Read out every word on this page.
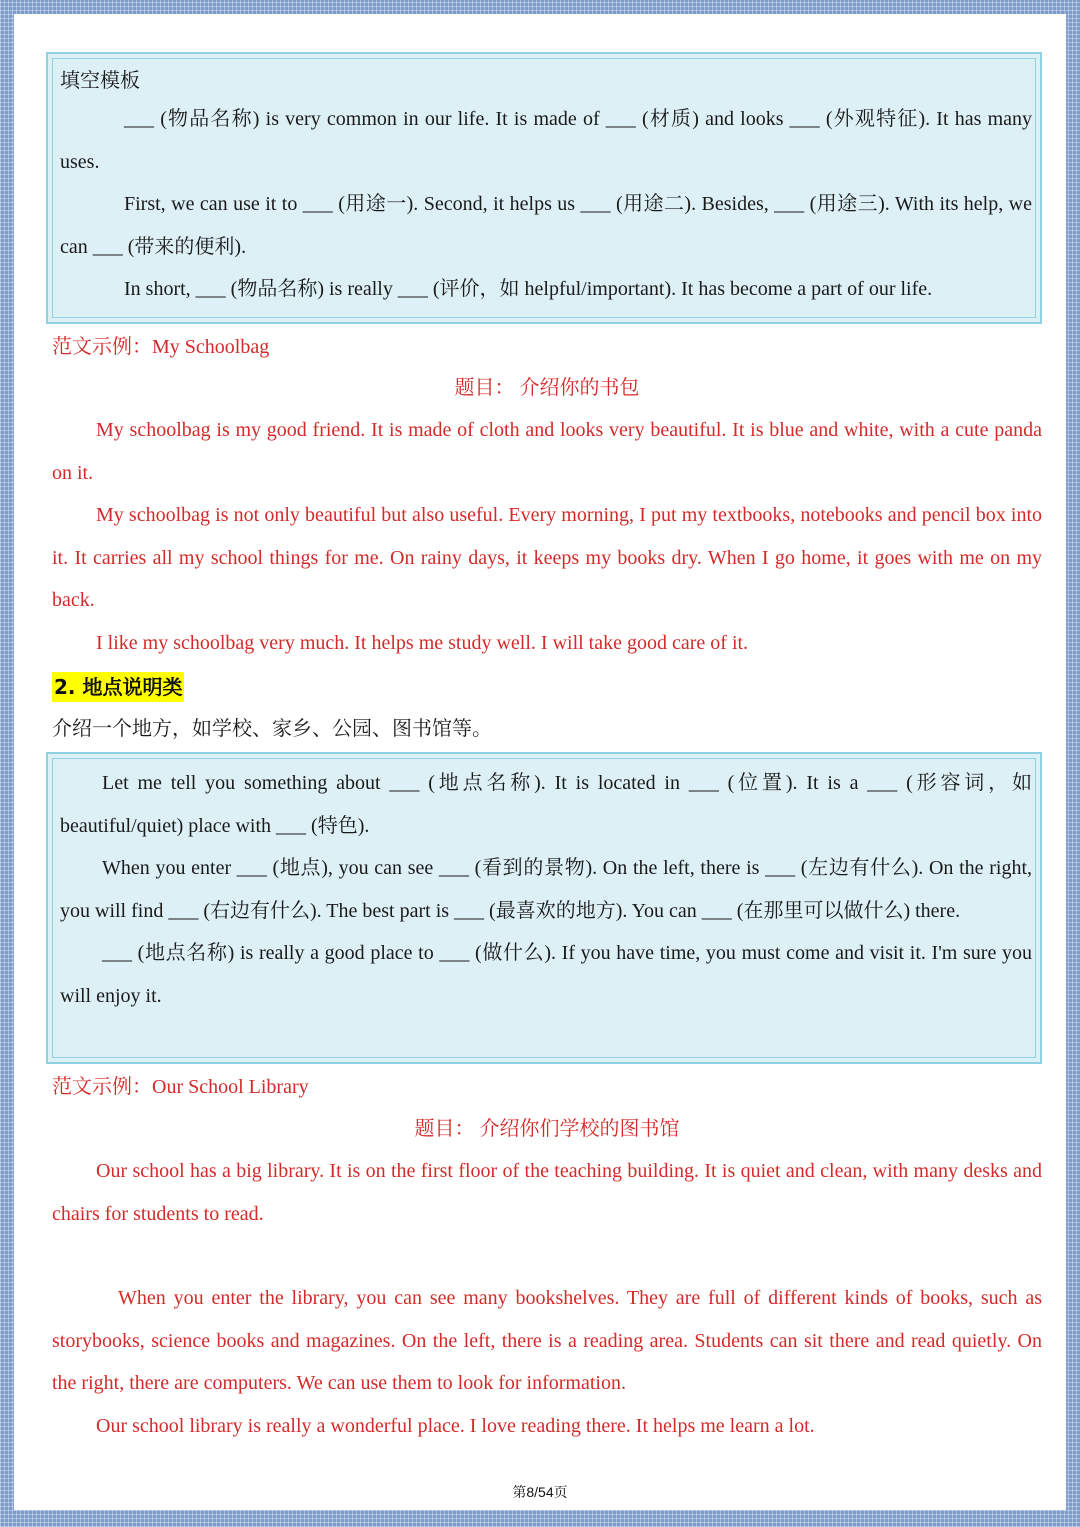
填空模板

___ (物品名称) is very common in our life. It is made of ___ (材质) and looks ___ (外观特征). It has many uses.

First, we can use it to ___ (用途一). Second, it helps us ___ (用途二). Besides, ___ (用途三). With its help, we can ___ (带来的便利).

In short, ___ (物品名称) is really ___ (评价，如 helpful/important). It has become a part of our life.

范文示例：My Schoolbag

题目： 介绍你的书包

My schoolbag is my good friend. It is made of cloth and looks very beautiful. It is blue and white, with a cute panda on it.

My schoolbag is not only beautiful but also useful. Every morning, I put my textbooks, notebooks and pencil box into it. It carries all my school things for me. On rainy days, it keeps my books dry. When I go home, it goes with me on my back.

I like my schoolbag very much. It helps me study well. I will take good care of it.

2. 地点说明类
介绍一个地方，如学校、家乡、公园、图书馆等。

Let me tell you something about ___ (地点名称). It is located in ___ (位置). It is a ___ (形容词，如 beautiful/quiet) place with ___ (特色).

When you enter ___ (地点), you can see ___ (看到的景物). On the left, there is ___ (左边有什么). On the right, you will find ___ (右边有什么). The best part is ___ (最喜欢的地方). You can ___ (在那里可以做什么) there.

___ (地点名称) is really a good place to ___ (做什么). If you have time, you must come and visit it. I'm sure you will enjoy it.

范文示例：Our School Library

题目： 介绍你们学校的图书馆

Our school has a big library. It is on the first floor of the teaching building. It is quiet and clean, with many desks and chairs for students to read.

When you enter the library, you can see many bookshelves. They are full of different kinds of books, such as storybooks, science books and magazines. On the left, there is a reading area. Students can sit there and read quietly. On the right, there are computers. We can use them to look for information.

Our school library is really a wonderful place. I love reading there. It helps me learn a lot.

第8/54页
